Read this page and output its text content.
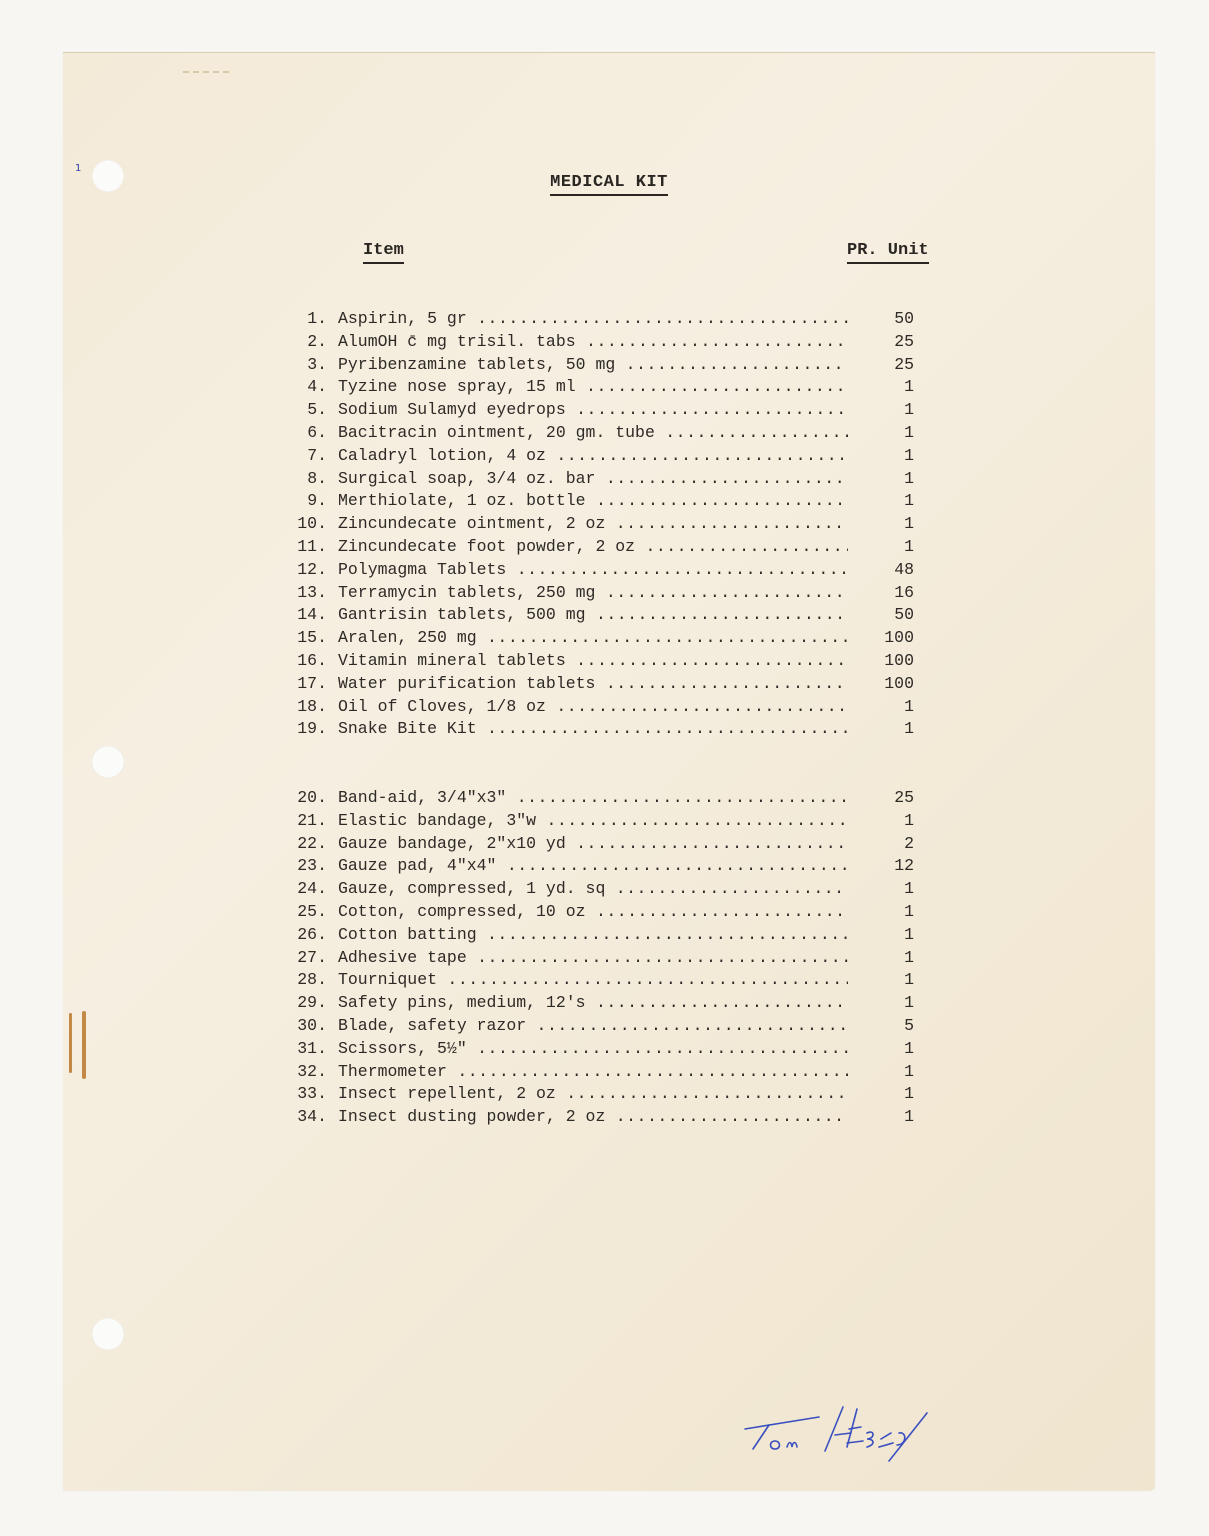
1
MEDICAL KIT
Item	PR. Unit
1. Aspirin, 5 gr .....	50
2. AlumOH c̄ mg trisil. tabs .....	25
3. Pyribenzamine tablets, 50 mg .....	25
4. Tyzine nose spray, 15 ml .....	1
5. Sodium Sulamyd eyedrops .....	1
6. Bacitracin ointment, 20 gm. tube .....	1
7. Caladryl lotion, 4 oz .....	1
8. Surgical soap, 3/4 oz. bar .....	1
9. Merthiolate, 1 oz. bottle .....	1
10. Zincundecate ointment, 2 oz .....	1
11. Zincundecate foot powder, 2 oz .....	1
12. Polymagma Tablets .....	48
13. Terramycin tablets, 250 mg .....	16
14. Gantrisin tablets, 500 mg .....	50
15. Aralen, 250 mg .....	100
16. Vitamin mineral tablets .....	100
17. Water purification tablets .....	100
18. Oil of Cloves, 1/8 oz .....	1
19. Snake Bite Kit .....	1
20. Band-aid, 3/4"x3" .....	25
21. Elastic bandage, 3"w .....	1
22. Gauze bandage, 2"x10 yd .....	2
23. Gauze pad, 4"x4" .....	12
24. Gauze, compressed, 1 yd. sq .....	1
25. Cotton, compressed, 10 oz .....	1
26. Cotton batting .....	1
27. Adhesive tape .....	1
28. Tourniquet .....	1
29. Safety pins, medium, 12's .....	1
30. Blade, safety razor .....	5
31. Scissors, 5½" .....	1
32. Thermometer .....	1
33. Insect repellent, 2 oz .....	1
34. Insect dusting powder, 2 oz .....	1
